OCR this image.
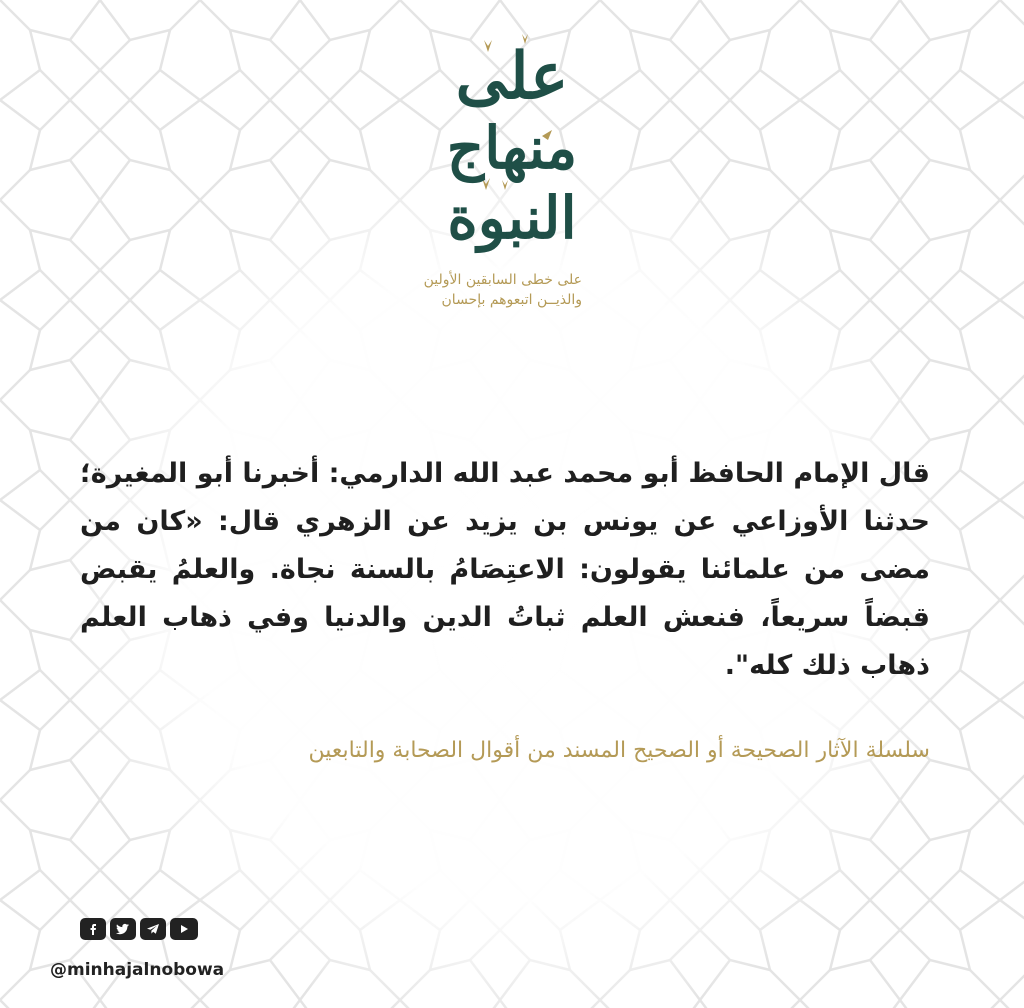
على
منهاج
النبوة
على خطى السابقين الأولين
والذيــن اتبعوهم بإحسان
قال الإمام الحافظ أبو محمد عبد الله الدارمي: أخبرنا أبو المغيرة؛ حدثنا الأوزاعي عن يونس بن يزيد عن الزهري قال: «كان من مضى من علمائنا يقولون: الاعتِصَامُ بالسنة نجاة. والعلمُ يقبض قبضاً سريعاً، فنعش العلم ثباتُ الدين والدنيا وفي ذهاب العلم ذهاب ذلك كله".
سلسلة الآثار الصحيحة أو الصحيح المسند من أقوال الصحابة والتابعين
@minhajalnobowa
